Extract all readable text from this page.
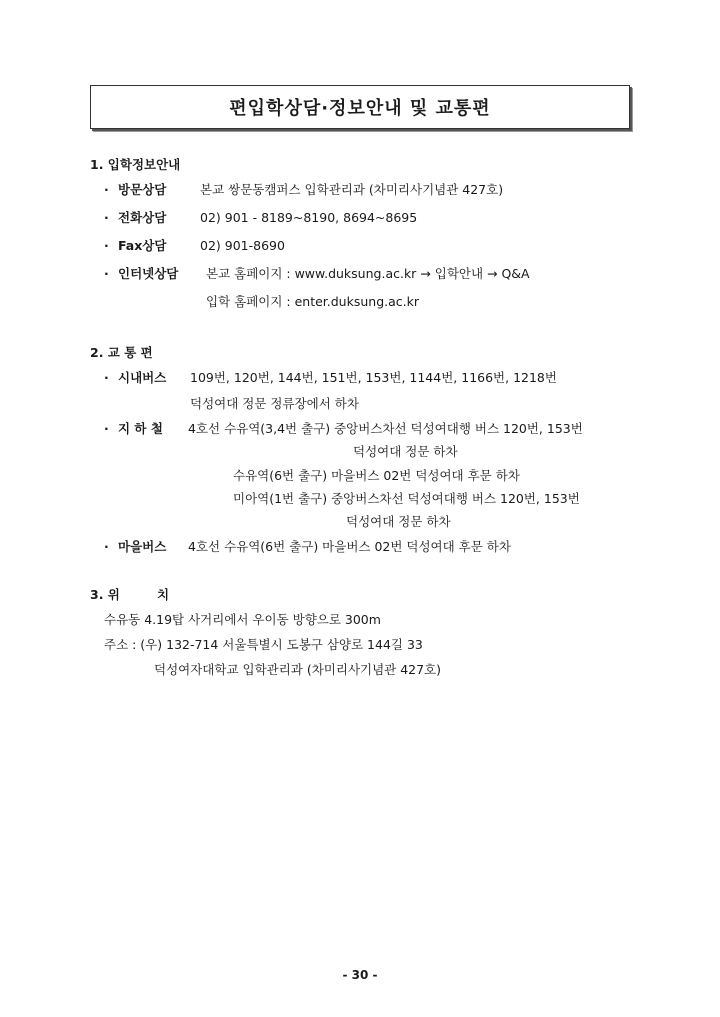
편입학상담·정보안내 및 교통편
1. 입학정보안내
· 방문상담	본교 쌍문동캠퍼스 입학관리과 (차미리사기념관 427호)
· 전화상담	02) 901 - 8189~8190, 8694~8695
· Fax상담	02) 901-8690
· 인터넷상담 본교 홈페이지 : www.duksung.ac.kr → 입학안내 → Q&A
입학 홈페이지 : enter.duksung.ac.kr
2. 교 통 편
· 시내버스 109번, 120번, 144번, 151번, 153번, 1144번, 1166번, 1218번
덕성여대 정문 정류장에서 하차
· 지 하 철 4호선 수유역(3,4번 출구) 중앙버스차선 덕성여대행 버스 120번, 153번
덕성여대 정문 하차
수유역(6번 출구) 마을버스 02번 덕성여대 후문 하차
미아역(1번 출구) 중앙버스차선 덕성여대행 버스 120번, 153번
덕성여대 정문 하차
· 마을버스 4호선 수유역(6번 출구) 마을버스 02번 덕성여대 후문 하차
3. 위	치
수유동 4.19탑 사거리에서 우이동 방향으로 300m
주소 : (우) 132-714 서울특별시 도봉구 삼양로 144길 33
덕성여자대학교 입학관리과 (차미리사기념관 427호)
- 30 -
